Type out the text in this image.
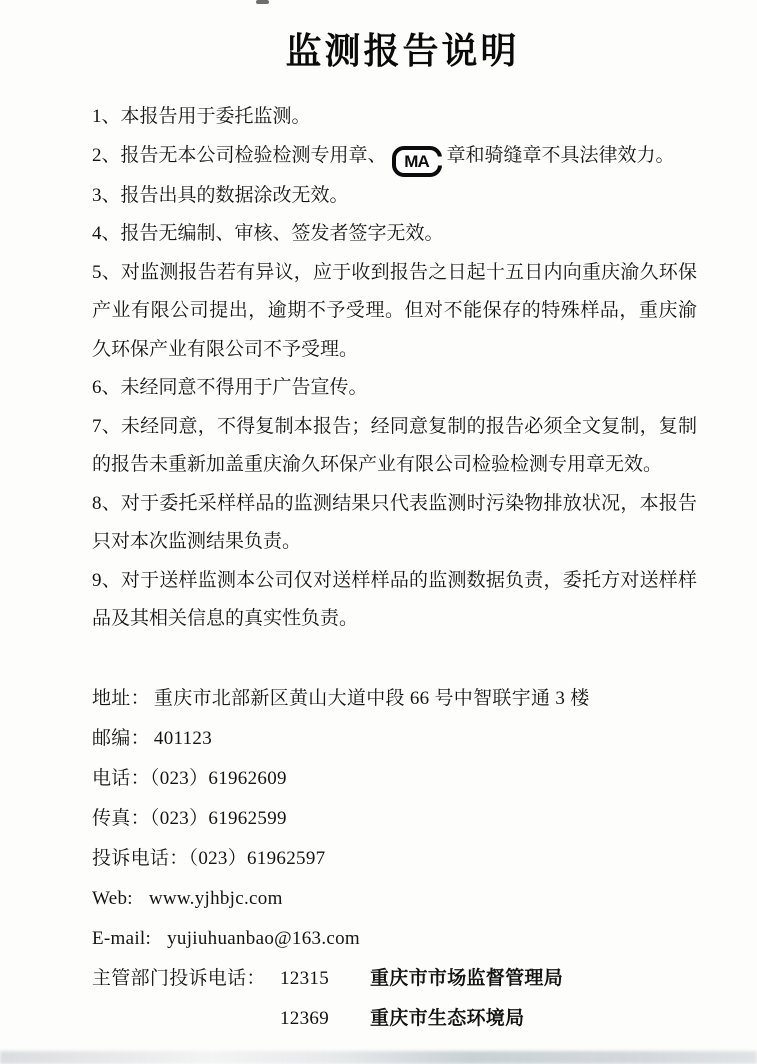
监测报告说明

1、本报告用于委托监测。

2、报告无本公司检验检测专用章、	MA 章和骑缝章不具法律效力。

3、报告出具的数据涂改无效。

4、报告无编制、审核、签发者签字无效。

5、对监测报告若有异议，应于收到报告之日起十五日内向重庆渝久环保产业有限公司提出，逾期不予受理。但对不能保存的特殊样品，重庆渝久环保产业有限公司不予受理。

6、未经同意不得用于广告宣传。

7、未经同意，不得复制本报告；经同意复制的报告必须全文复制，复制的报告未重新加盖重庆渝久环保产业有限公司检验检测专用章无效。

8、对于委托采样样品的监测结果只代表监测时污染物排放状况，本报告只对本次监测结果负责。

9、对于送样监测本公司仅对送样样品的监测数据负责，委托方对送样样品及其相关信息的真实性负责。

地址： 重庆市北部新区黄山大道中段 66 号中智联宇通 3 楼

邮编： 401123

电话：（023）61962609

传真：（023）61962599

投诉电话：（023）61962597

Web: www.yjhbjc.com

E-mail: yujiuhuanbao@163.com

主管部门投诉电话： 12315	重庆市市场监督管理局
12369	重庆市生态环境局
